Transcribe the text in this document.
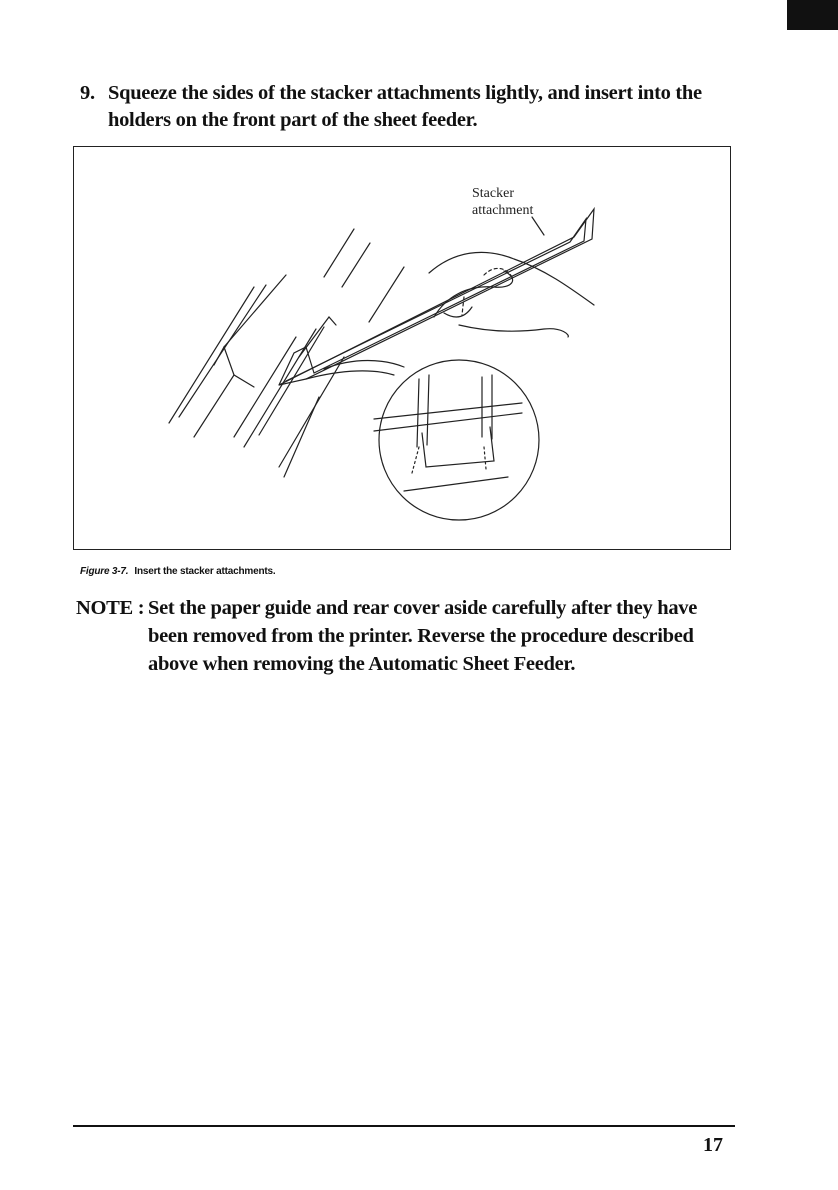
9. Squeeze the sides of the stacker attachments lightly, and insert into the holders on the front part of the sheet feeder.
Stacker
attachment
Figure 3-7. Insert the stacker attachments.
NOTE : Set the paper guide and rear cover aside carefully after they have been removed from the printer. Reverse the procedure described above when removing the Automatic Sheet Feeder.
17
